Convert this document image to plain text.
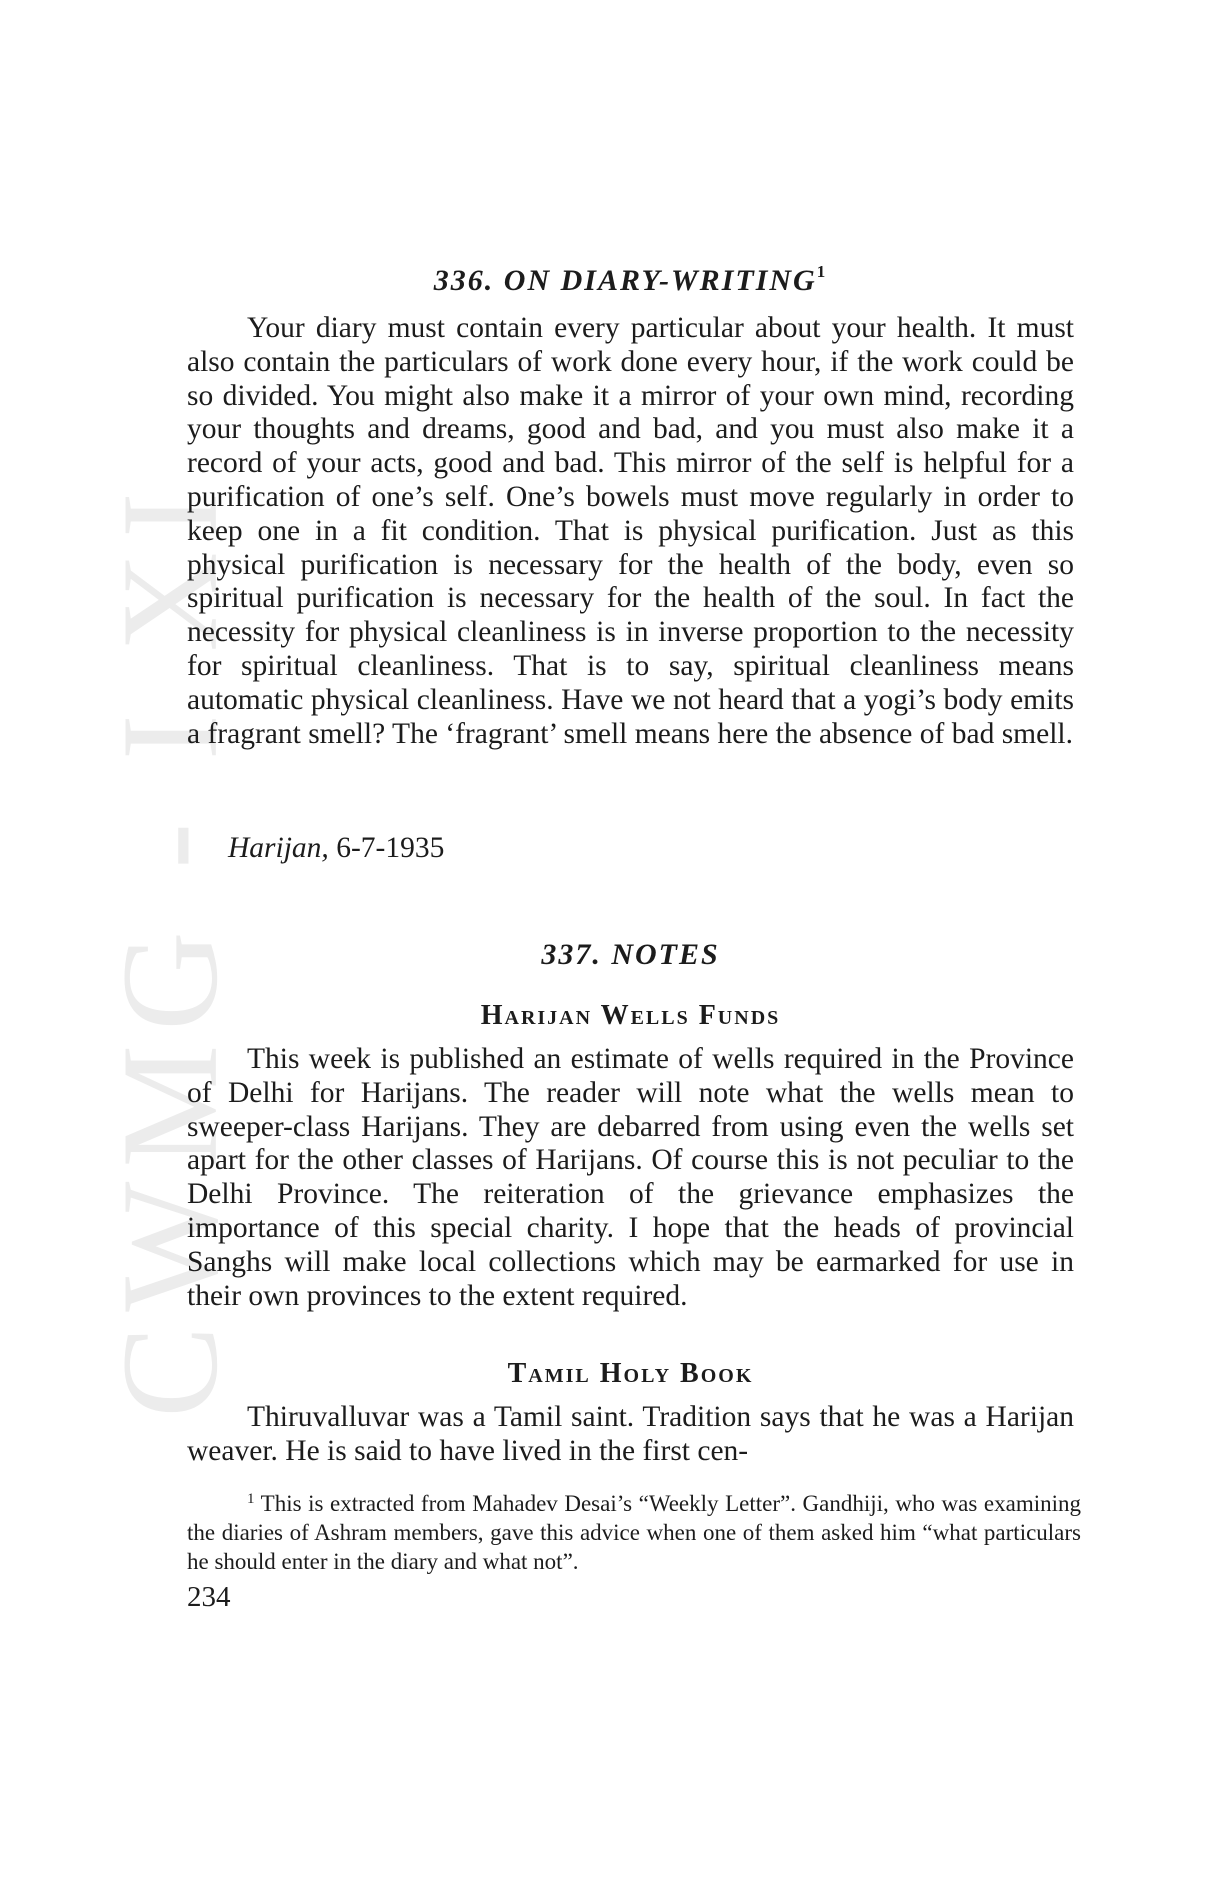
CWMG - I XI
336. ON DIARY-WRITING$^1$

Your diary must contain every particular about your health. It must also contain the particulars of work done every hour, if the work could be so divided. You might also make it a mirror of your own mind, recording your thoughts and dreams, good and bad, and you must also make it a record of your acts, good and bad. This mirror of the self is helpful for a purification of one’s self. One’s bowels must move regularly in order to keep one in a fit condition. That is physical purification. Just as this physical purification is necessary for the health of the body, even so spiritual purification is necessary for the health of the soul. In fact the necessity for physical cleanliness is in inverse proportion to the necessity for spiritual cleanliness. That is to say, spiritual cleanliness means automatic physical cleanliness. Have we not heard that a yogi’s body emits a fragrant smell? The ‘fragrant’ smell means here the absence of bad smell.

Harijan, 6-7-1935

337. NOTES
Harijan Wells Funds

This week is published an estimate of wells required in the Province of Delhi for Harijans. The reader will note what the wells mean to sweeper-class Harijans. They are debarred from using even the wells set apart for the other classes of Harijans. Of course this is not peculiar to the Delhi Province. The reiteration of the grievance emphasizes the importance of this special charity. I hope that the heads of provincial Sanghs will make local collections which may be earmarked for use in their own provinces to the extent required.

Tamil Holy Book

Thiruvalluvar was a Tamil saint. Tradition says that he was a Harijan weaver. He is said to have lived in the first cen-

$^1$ This is extracted from Mahadev Desai’s “Weekly Letter”. Gandhiji, who was examining the diaries of Ashram members, gave this advice when one of them asked him “what particulars he should enter in the diary and what not”.

234
